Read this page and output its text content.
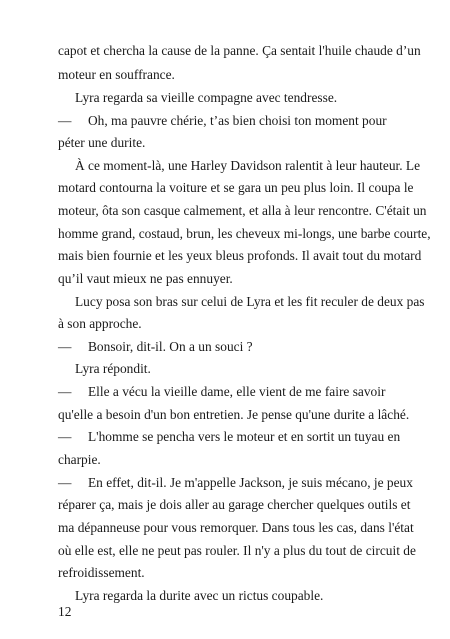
capot et chercha la cause de la panne. Ça sentait l'huile chaude d’un
moteur en souffrance.
Lyra regarda sa vieille compagne avec tendresse.
— Oh, ma pauvre chérie, t’as bien choisi ton moment pour
péter une durite.
À ce moment-là, une Harley Davidson ralentit à leur hauteur. Le
motard contourna la voiture et se gara un peu plus loin. Il coupa le
moteur, ôta son casque calmement, et alla à leur rencontre. C'était un
homme grand, costaud, brun, les cheveux mi-longs, une barbe courte,
mais bien fournie et les yeux bleus profonds. Il avait tout du motard
qu’il vaut mieux ne pas ennuyer.
Lucy posa son bras sur celui de Lyra et les fit reculer de deux pas
à son approche.
— Bonsoir, dit-il. On a un souci ?
Lyra répondit.
— Elle a vécu la vieille dame, elle vient de me faire savoir
qu'elle a besoin d'un bon entretien. Je pense qu'une durite a lâché.
— L'homme se pencha vers le moteur et en sortit un tuyau en
charpie.
— En effet, dit-il. Je m'appelle Jackson, je suis mécano, je peux
réparer ça, mais je dois aller au garage chercher quelques outils et
ma dépanneuse pour vous remorquer. Dans tous les cas, dans l'état
où elle est, elle ne peut pas rouler. Il n'y a plus du tout de circuit de
refroidissement.
Lyra regarda la durite avec un rictus coupable.
12
